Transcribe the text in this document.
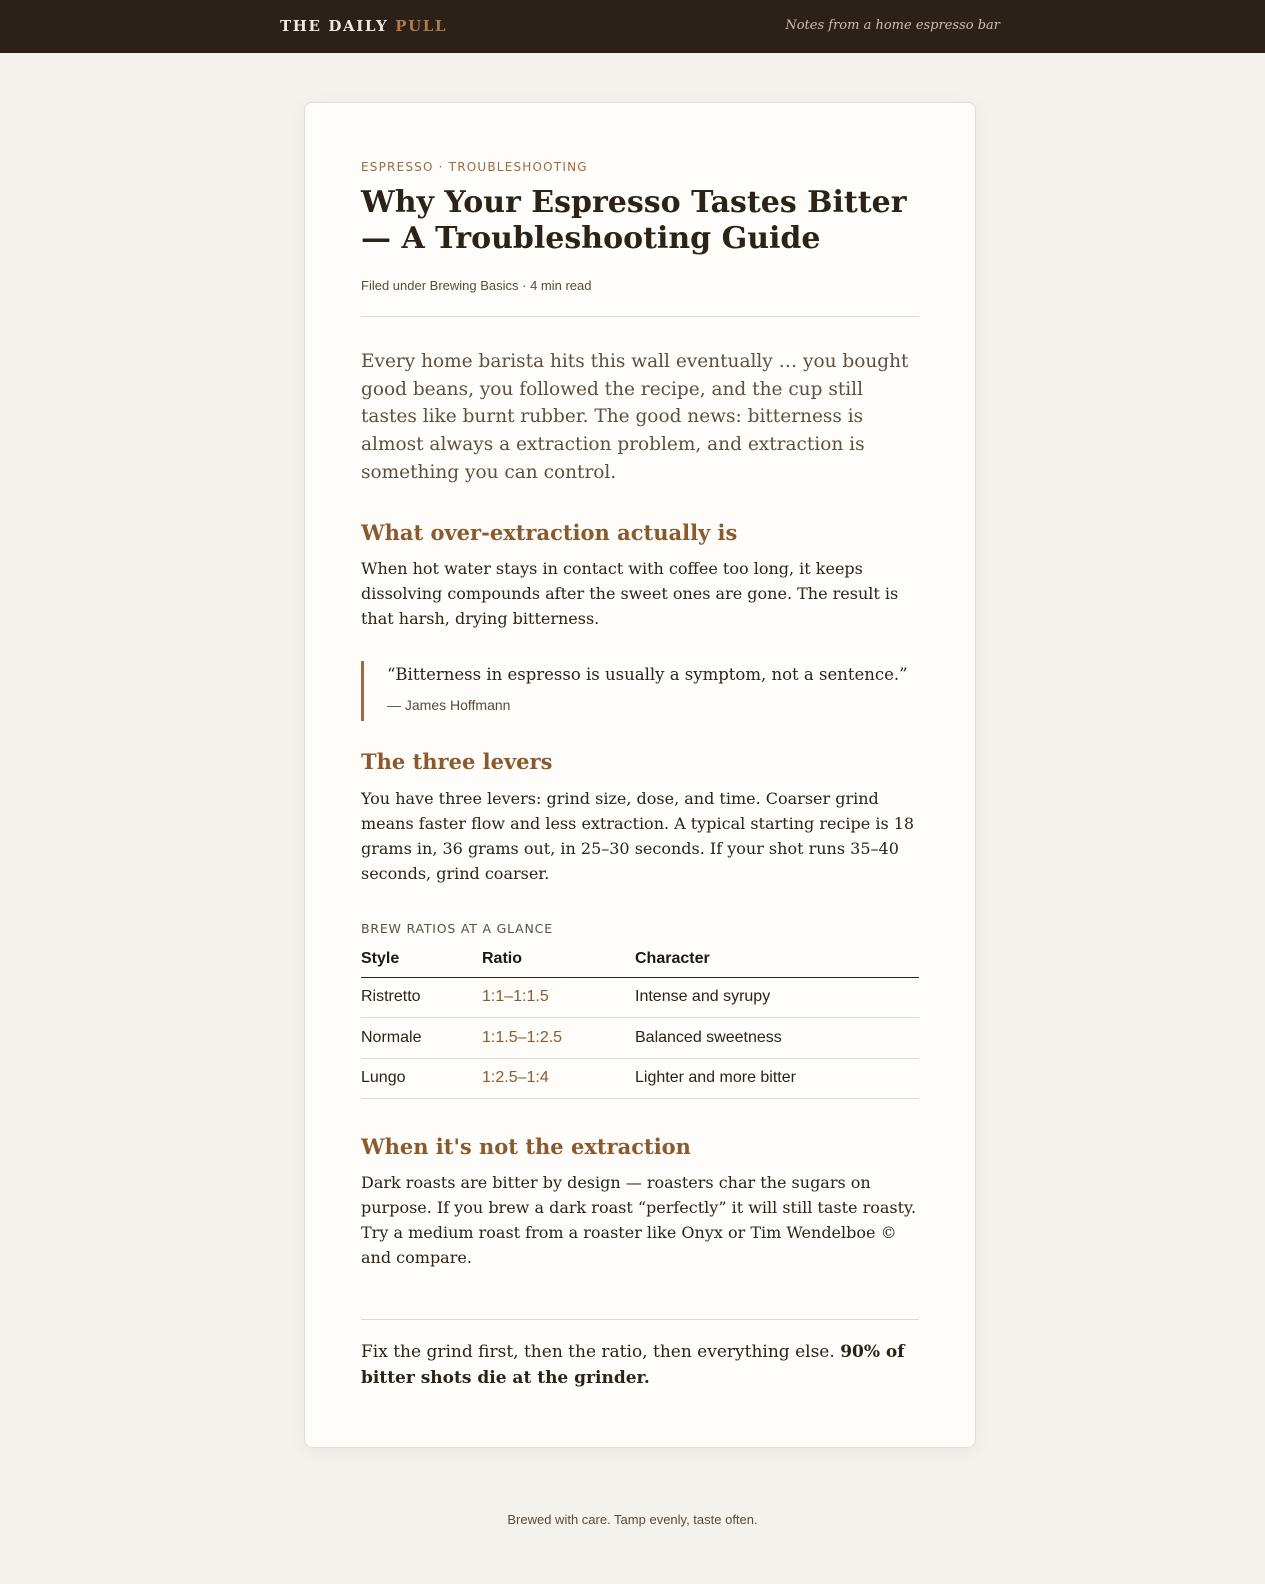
THE DAILY PULL	Notes from a home espresso bar
ESPRESSO · TROUBLESHOOTING
Why Your Espresso Tastes Bitter — A Troubleshooting Guide
Filed under Brewing Basics · 4 min read

Every home barista hits this wall eventually … you bought good beans, you followed the recipe, and the cup still tastes like burnt rubber. The good news: bitterness is almost always a extraction problem, and extraction is something you can control.

What over-extraction actually is

When hot water stays in contact with coffee too long, it keeps dissolving compounds after the sweet ones are gone. The result is that harsh, drying bitterness.

“Bitterness in espresso is usually a symptom, not a sentence.”
— James Hoffmann
The three levers

You have three levers: grind size, dose, and time. Coarser grind means faster flow and less extraction. A typical starting recipe is 18 grams in, 36 grams out, in 25–30 seconds. If your shot runs 35–40 seconds, grind coarser.

BREW RATIOS AT A GLANCE
Style	Ratio	Character
Ristretto	1:1–1:1.5	Intense and syrupy
Normale	1:1.5–1:2.5	Balanced sweetness
Lungo	1:2.5–1:4	Lighter and more bitter
When it's not the extraction

Dark roasts are bitter by design — roasters char the sugars on purpose. If you brew a dark roast “perfectly” it will still taste roasty. Try a medium roast from a roaster like Onyx or Tim Wendelboe © and compare.

Fix the grind first, then the ratio, then everything else. 90% of bitter shots die at the grinder.

Brewed with care. Tamp evenly, taste often.
